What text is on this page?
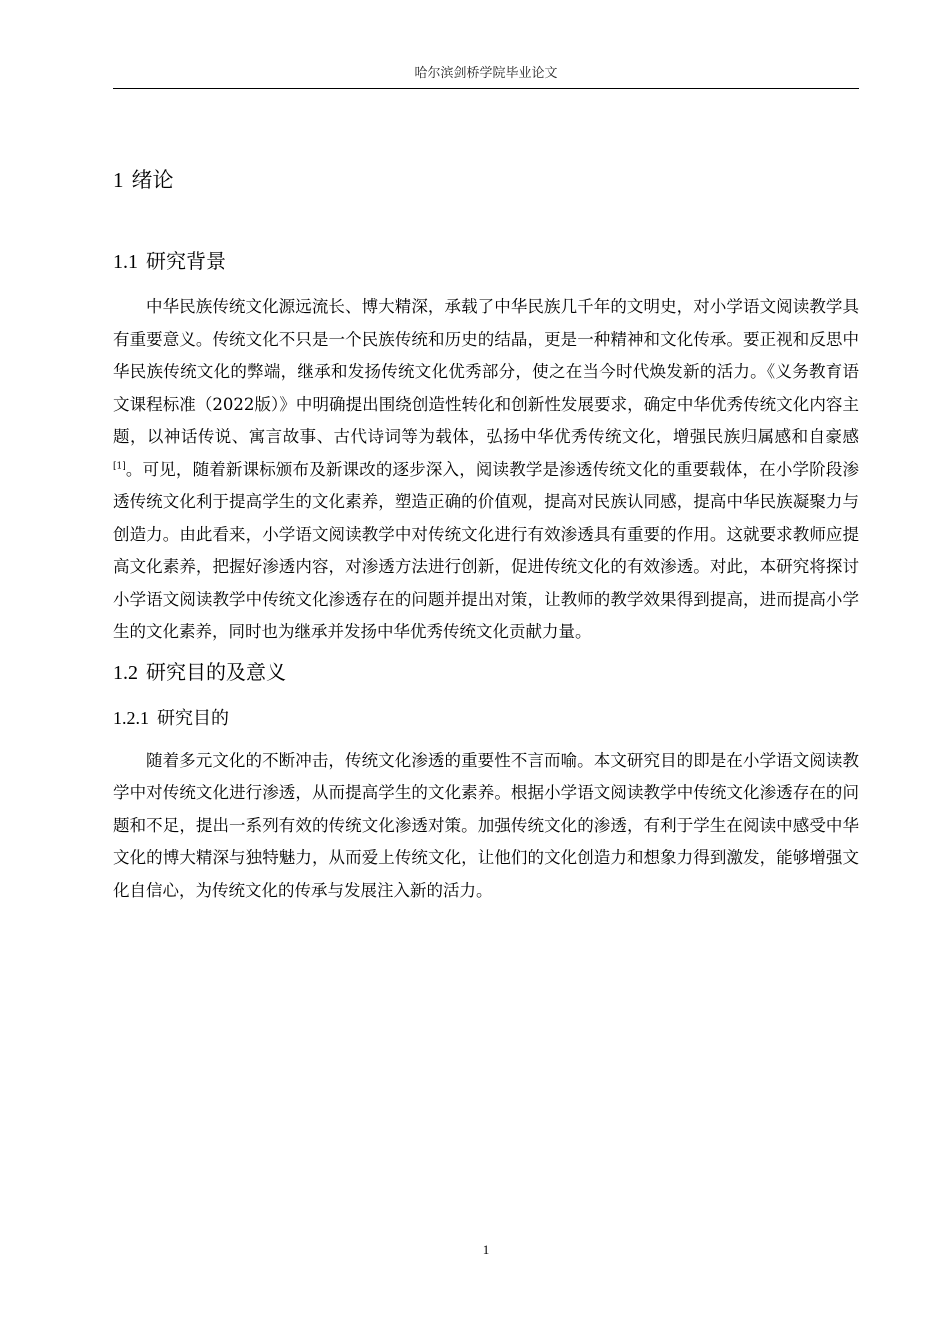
哈尔滨剑桥学院毕业论文
1 绪论
1.1 研究背景

中华民族传统文化源远流长、博大精深，承载了中华民族几千年的文明史，对小学语文阅读教学具有重要意义。传统文化不只是一个民族传统和历史的结晶，更是一种精神和文化传承。要正视和反思中华民族传统文化的弊端，继承和发扬传统文化优秀部分，使之在当今时代焕发新的活力。《义务教育语文课程标准（2022版）》中明确提出围绕创造性转化和创新性发展要求，确定中华优秀传统文化内容主题，以神话传说、寓言故事、古代诗词等为载体，弘扬中华优秀传统文化，增强民族归属感和自豪感[1]。可见，随着新课标颁布及新课改的逐步深入，阅读教学是渗透传统文化的重要载体，在小学阶段渗透传统文化利于提高学生的文化素养，塑造正确的价值观，提高对民族认同感，提高中华民族凝聚力与创造力。由此看来，小学语文阅读教学中对传统文化进行有效渗透具有重要的作用。这就要求教师应提高文化素养，把握好渗透内容，对渗透方法进行创新，促进传统文化的有效渗透。对此，本研究将探讨小学语文阅读教学中传统文化渗透存在的问题并提出对策，让教师的教学效果得到提高，进而提高小学生的文化素养，同时也为继承并发扬中华优秀传统文化贡献力量。

1.2 研究目的及意义
1.2.1 研究目的

随着多元文化的不断冲击，传统文化渗透的重要性不言而喻。本文研究目的即是在小学语文阅读教学中对传统文化进行渗透，从而提高学生的文化素养。根据小学语文阅读教学中传统文化渗透存在的问题和不足，提出一系列有效的传统文化渗透对策。加强传统文化的渗透，有利于学生在阅读中感受中华文化的博大精深与独特魅力，从而爱上传统文化，让他们的文化创造力和想象力得到激发，能够增强文化自信心，为传统文化的传承与发展注入新的活力。

1
